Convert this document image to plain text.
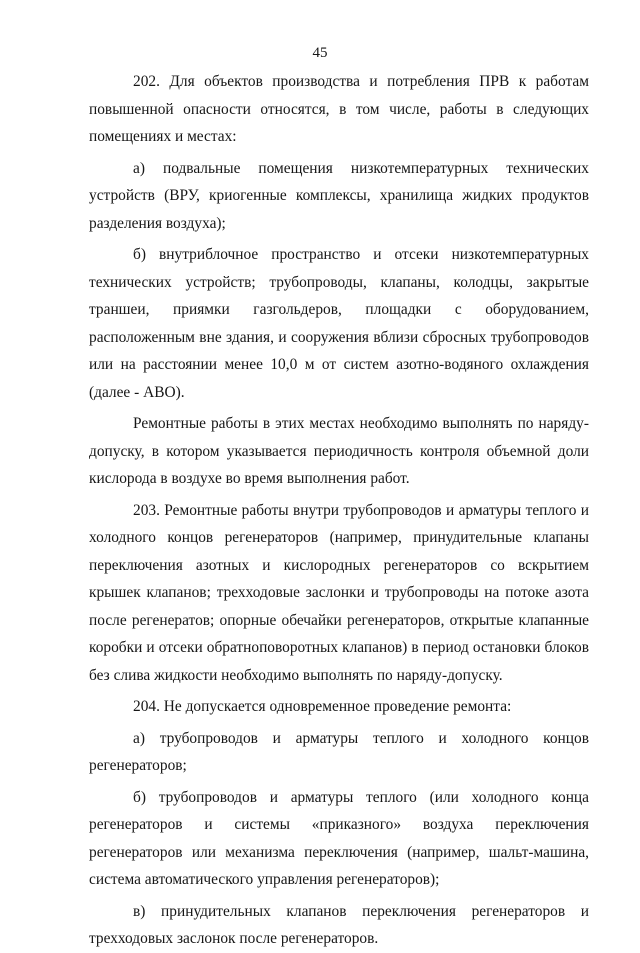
45

202. Для объектов производства и потребления ПРВ к работам повышенной опасности относятся, в том числе, работы в следующих помещениях и местах:

а) подвальные помещения низкотемпературных технических устройств (ВРУ, криогенные комплексы, хранилища жидких продуктов разделения воздуха);

б) внутриблочное пространство и отсеки низкотемпературных технических устройств; трубопроводы, клапаны, колодцы, закрытые траншеи, приямки газгольдеров, площадки с оборудованием, расположенным вне здания, и сооружения вблизи сбросных трубопроводов или на расстоянии менее 10,0 м от систем азотно-водяного охлаждения (далее - АВО).

Ремонтные работы в этих местах необходимо выполнять по наряду-допуску, в котором указывается периодичность контроля объемной доли кислорода в воздухе во время выполнения работ.

203. Ремонтные работы внутри трубопроводов и арматуры теплого и холодного концов регенераторов (например, принудительные клапаны переключения азотных и кислородных регенераторов со вскрытием крышек клапанов; трехходовые заслонки и трубопроводы на потоке азота после регенератов; опорные обечайки регенераторов, открытые клапанные коробки и отсеки обратноповоротных клапанов) в период остановки блоков без слива жидкости необходимо выполнять по наряду-допуску.

204. Не допускается одновременное проведение ремонта:

а) трубопроводов и арматуры теплого и холодного концов регенераторов;

б) трубопроводов и арматуры теплого (или холодного конца регенераторов и системы «приказного» воздуха переключения регенераторов или механизма переключения (например, шальт-машина, система автоматического управления регенераторов);

в) принудительных клапанов переключения регенераторов и трехходовых заслонок после регенераторов.
